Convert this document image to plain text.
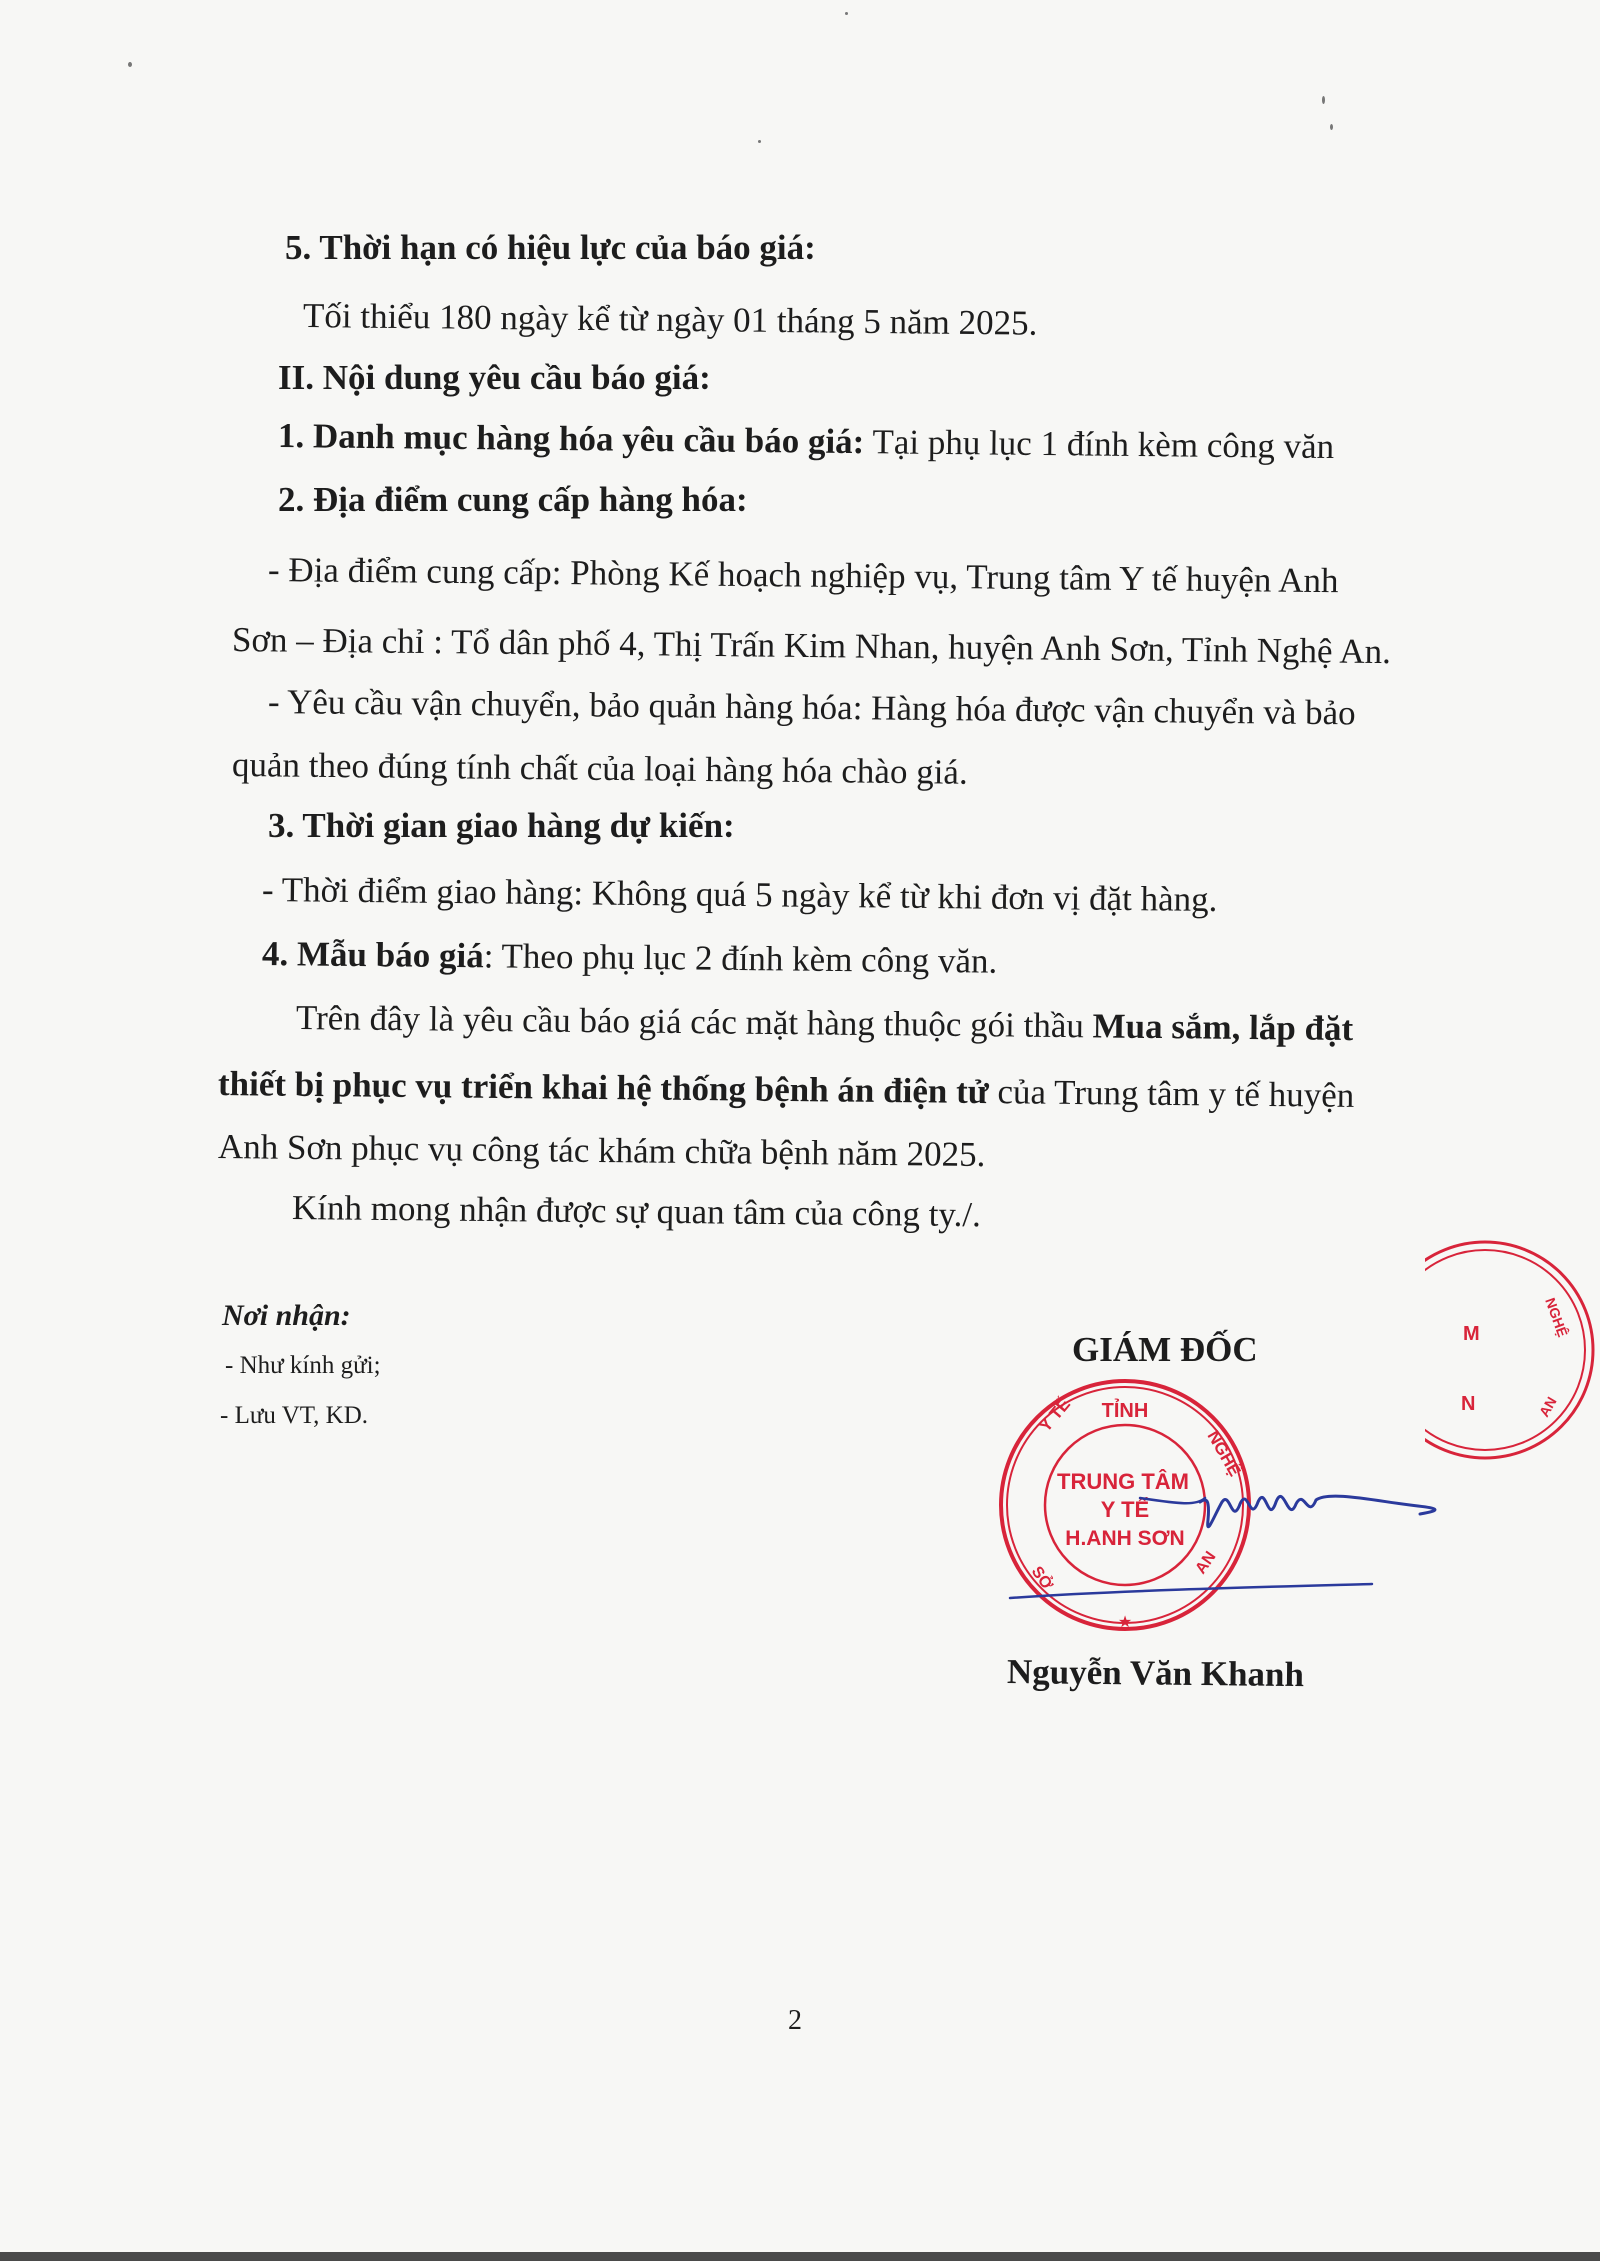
5. Thời hạn có hiệu lực của báo giá:
Tối thiểu 180 ngày kể từ ngày 01 tháng 5 năm 2025.
II. Nội dung yêu cầu báo giá:
1. Danh mục hàng hóa yêu cầu báo giá: Tại phụ lục 1 đính kèm công văn
2. Địa điểm cung cấp hàng hóa:
- Địa điểm cung cấp: Phòng Kế hoạch nghiệp vụ, Trung tâm Y tế huyện Anh
Sơn – Địa chỉ : Tổ dân phố 4, Thị Trấn Kim Nhan, huyện Anh Sơn, Tỉnh Nghệ An.
- Yêu cầu vận chuyển, bảo quản hàng hóa: Hàng hóa được vận chuyển và bảo
quản theo đúng tính chất của loại hàng hóa chào giá.
3. Thời gian giao hàng dự kiến:
- Thời điểm giao hàng: Không quá 5 ngày kể từ khi đơn vị đặt hàng.
4. Mẫu báo giá: Theo phụ lục 2 đính kèm công văn.
Trên đây là yêu cầu báo giá các mặt hàng thuộc gói thầu Mua sắm, lắp đặt
thiết bị phục vụ triển khai hệ thống bệnh án điện tử của Trung tâm y tế huyện
Anh Sơn phục vụ công tác khám chữa bệnh năm 2025.
Kính mong nhận được sự quan tâm của công ty./.
Nơi nhận:
- Như kính gửi;
- Lưu VT, KD.
GIÁM ĐỐC
Nguyễn Văn Khanh
TỈNH
Y TẾ
NGHỆ
SỞ
AN
TRUNG TÂM
Y TẾ
H.ANH SƠN
★
M
N
NGHỆ
AN
2
